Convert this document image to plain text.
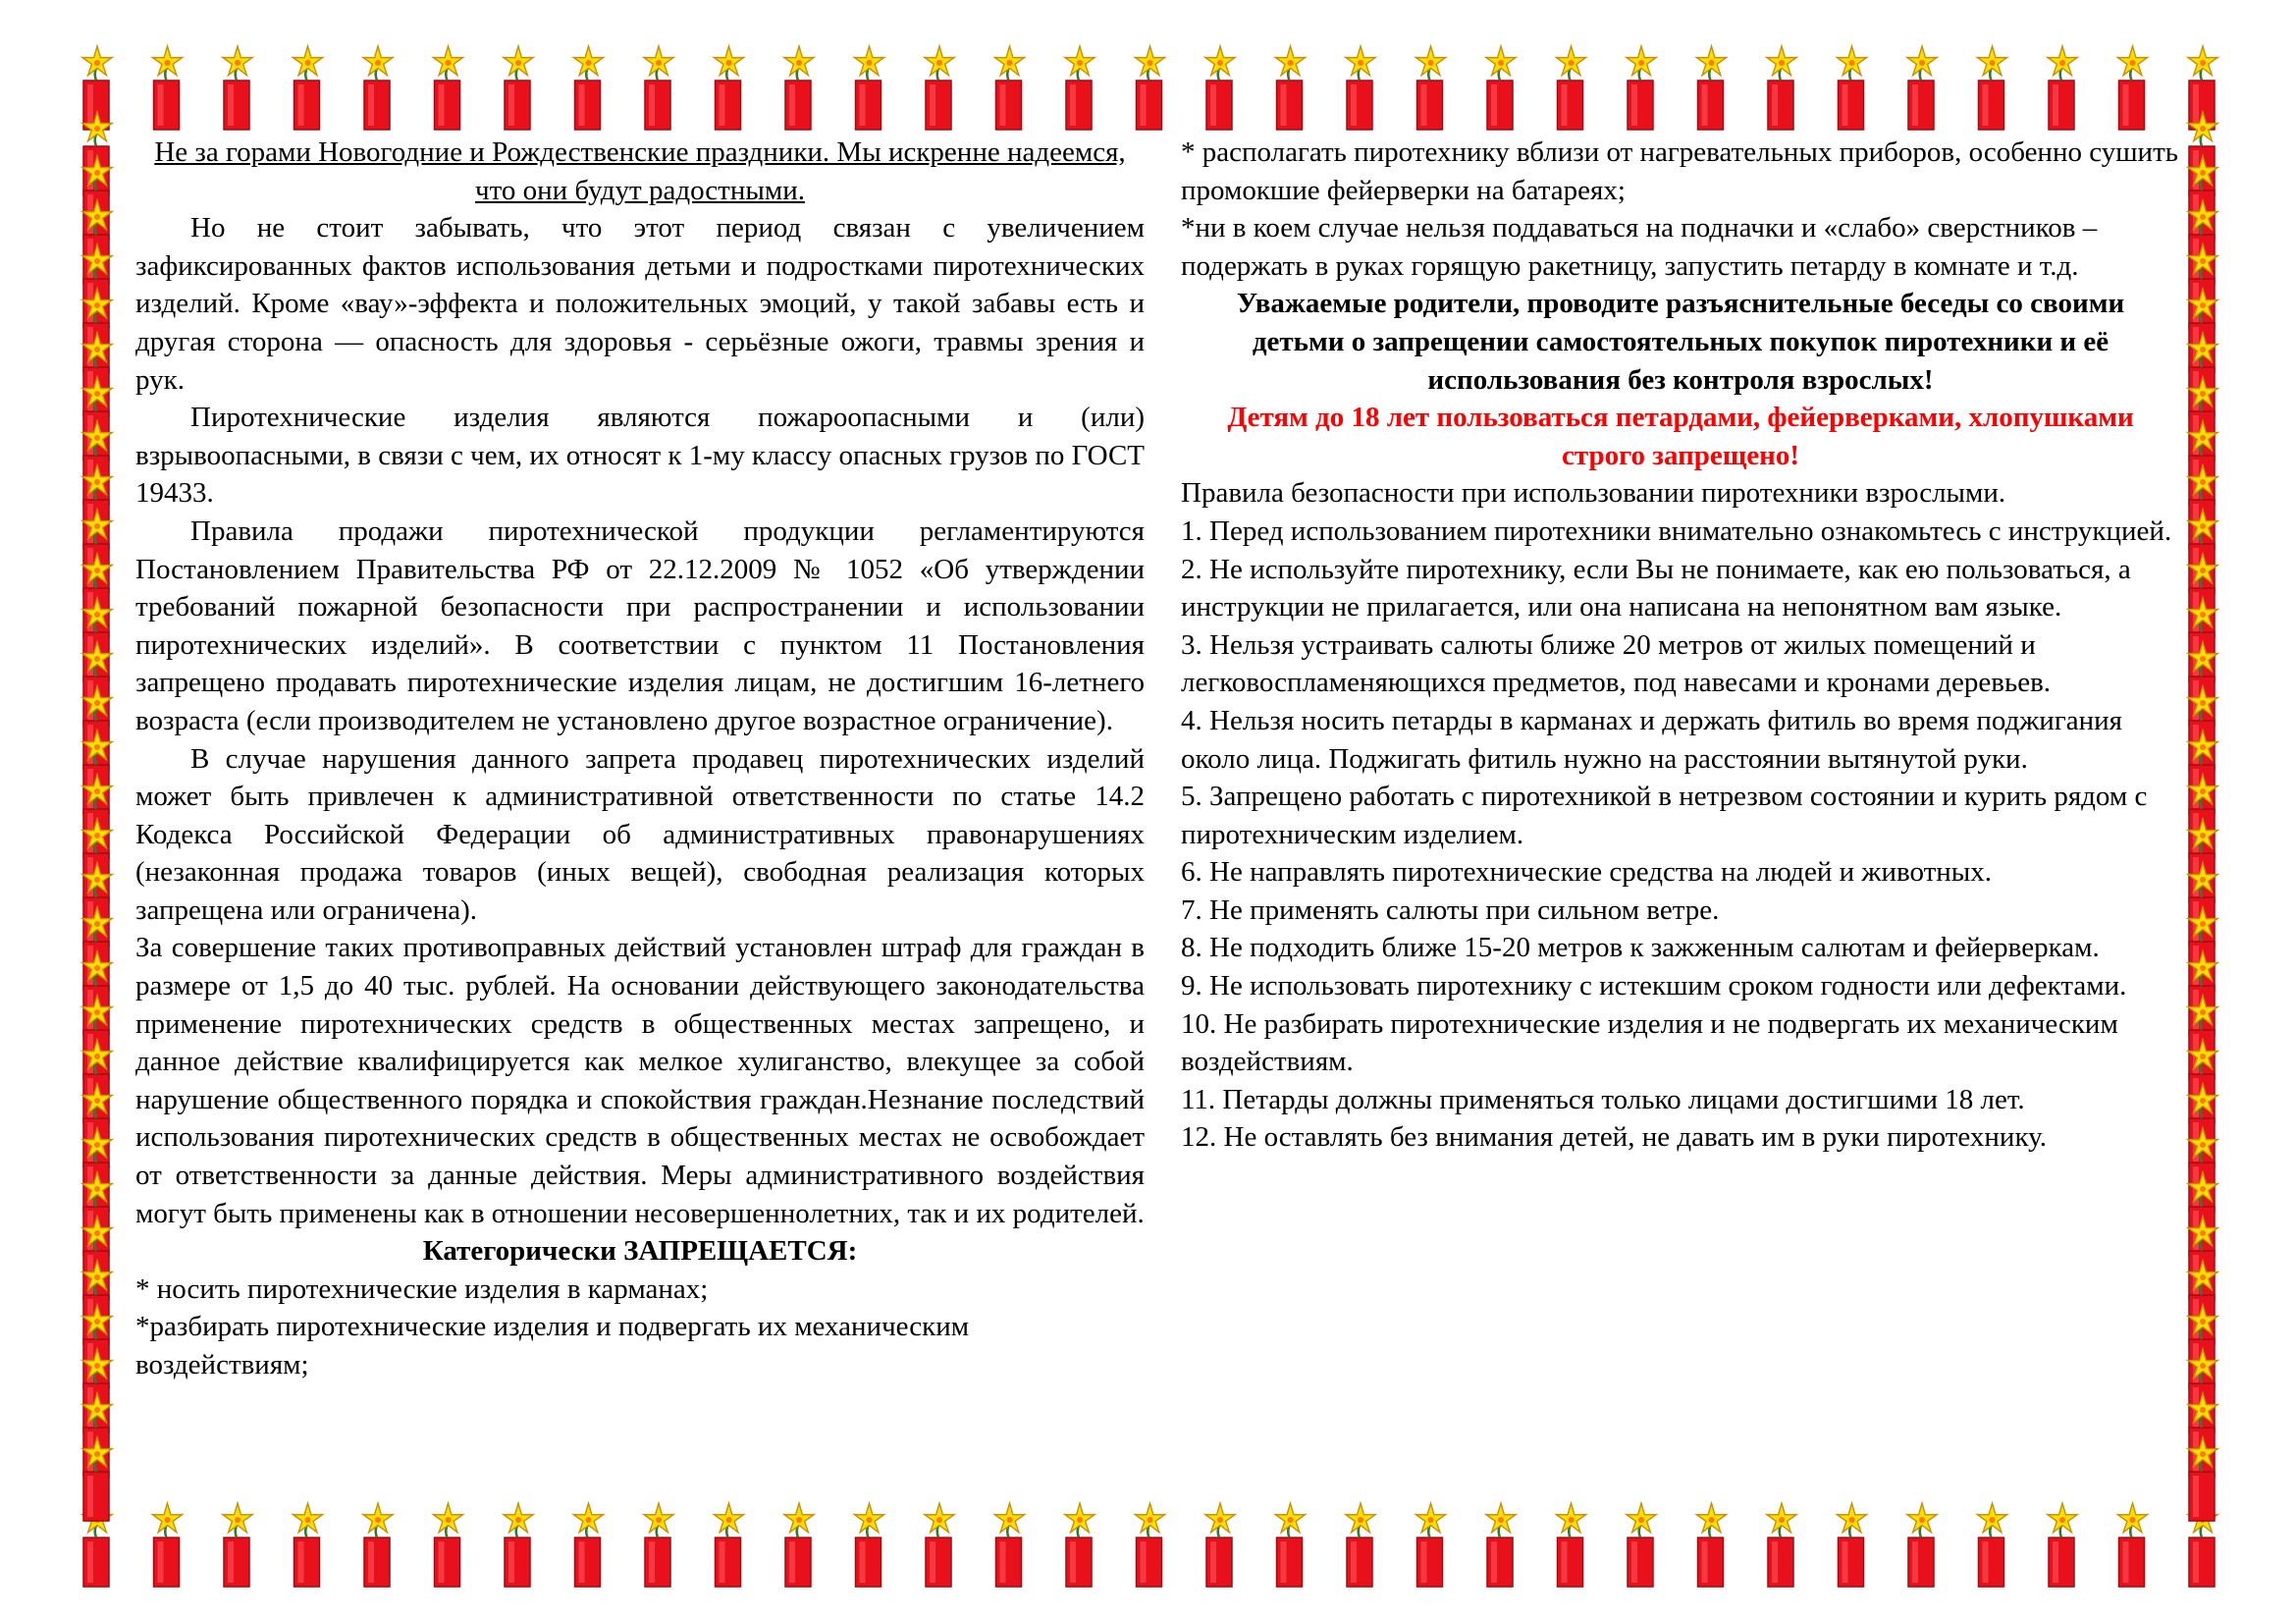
Не за горами Новогодние и Рождественские праздники. Мы искренне надеемся, что они будут радостными.

Но не стоит забывать, что этот период связан с увеличением зафиксированных фактов использования детьми и подростками пиротехнических изделий. Кроме «вау»-эффекта и положительных эмоций, у такой забавы есть и другая сторона — опасность для здоровья - серьёзные ожоги, травмы зрения и рук.

Пиротехнические изделия являются пожароопасными и (или) взрывоопасными, в связи с чем, их относят к 1-му классу опасных грузов по ГОСТ 19433.

Правила продажи пиротехнической продукции регламентируются Постановлением Правительства РФ от 22.12.2009 № 1052 «Об утверждении требований пожарной безопасности при распространении и использовании пиротехнических изделий». В соответствии с пунктом 11 Постановления запрещено продавать пиротехнические изделия лицам, не достигшим 16-летнего возраста (если производителем не установлено другое возрастное ограничение).

В случае нарушения данного запрета продавец пиротехнических изделий может быть привлечен к административной ответственности по статье 14.2 Кодекса Российской Федерации об административных правонарушениях (незаконная продажа товаров (иных вещей), свободная реализация которых запрещена или ограничена).

За совершение таких противоправных действий установлен штраф для граждан в размере от 1,5 до 40 тыс. рублей. На основании действующего законодательства применение пиротехнических средств в общественных местах запрещено, и данное действие квалифицируется как мелкое хулиганство, влекущее за собой нарушение общественного порядка и спокойствия граждан.Незнание последствий использования пиротехнических средств в общественных местах не освобождает от ответственности за данные действия. Меры административного воздействия могут быть применены как в отношении несовершеннолетних, так и их родителей.

Категорически ЗАПРЕЩАЕТСЯ:

* носить пиротехнические изделия в карманах;

*разбирать пиротехнические изделия и подвергать их механическим воздействиям;

* располагать пиротехнику вблизи от нагревательных приборов, особенно сушить промокшие фейерверки на батареях;

*ни в коем случае нельзя поддаваться на подначки и «слабо» сверстников – подержать в руках горящую ракетницу, запустить петарду в комнате и т.д.

Уважаемые родители, проводите разъяснительные беседы со своими детьми о запрещении самостоятельных покупок пиротехники и её использования без контроля взрослых!

Детям до 18 лет пользоваться петардами, фейерверками, хлопушками строго запрещено!

Правила безопасности при использовании пиротехники взрослыми.

1. Перед использованием пиротехники внимательно ознакомьтесь с инструкцией.
2. Не используйте пиротехнику, если Вы не понимаете, как ею пользоваться, а инструкции не прилагается, или она написана на непонятном вам языке.
3. Нельзя устраивать салюты ближе 20 метров от жилых помещений и легковоспламеняющихся предметов, под навесами и кронами деревьев.
4. Нельзя носить петарды в карманах и держать фитиль во время поджигания около лица. Поджигать фитиль нужно на расстоянии вытянутой руки.
5. Запрещено работать с пиротехникой в нетрезвом состоянии и курить рядом с пиротехническим изделием.
6. Не направлять пиротехнические средства на людей и животных.
7. Не применять салюты при сильном ветре.
8. Не подходить ближе 15-20 метров к зажженным салютам и фейерверкам.
9. Не использовать пиротехнику с истекшим сроком годности или дефектами.
10. Не разбирать пиротехнические изделия и не подвергать их механическим воздействиям.
11. Петарды должны применяться только лицами достигшими 18 лет.
12. Не оставлять без внимания детей, не давать им в руки пиротехнику.
